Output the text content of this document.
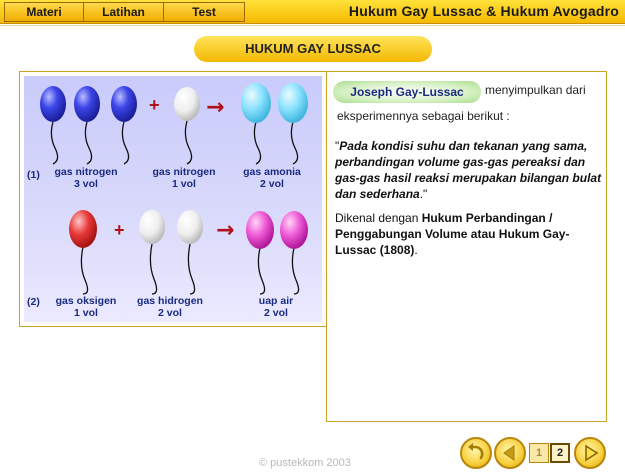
Materi	Latihan	Test	Hukum Gay Lussac & Hukum Avogadro
HUKUM GAY LUSSAC
+ →
(1) gas nitrogen
3 vol
gas nitrogen
1 vol
gas amonia
2 vol
+	→
(2) gas oksigen
1 vol
gas hidrogen
2 vol
uap air
2 vol
Joseph Gay-Lussac	menyimpulkan dari
eksperimennya sebagai berikut :
"Pada kondisi suhu dan tekanan yang sama, perbandingan volume gas-gas pereaksi dan gas-gas hasil reaksi merupakan bilangan bulat dan sederhana."
Dikenal dengan Hukum Perbandingan / Penggabungan Volume atau Hukum Gay-Lussac (1808).
© pustekkom 2003
1	2
